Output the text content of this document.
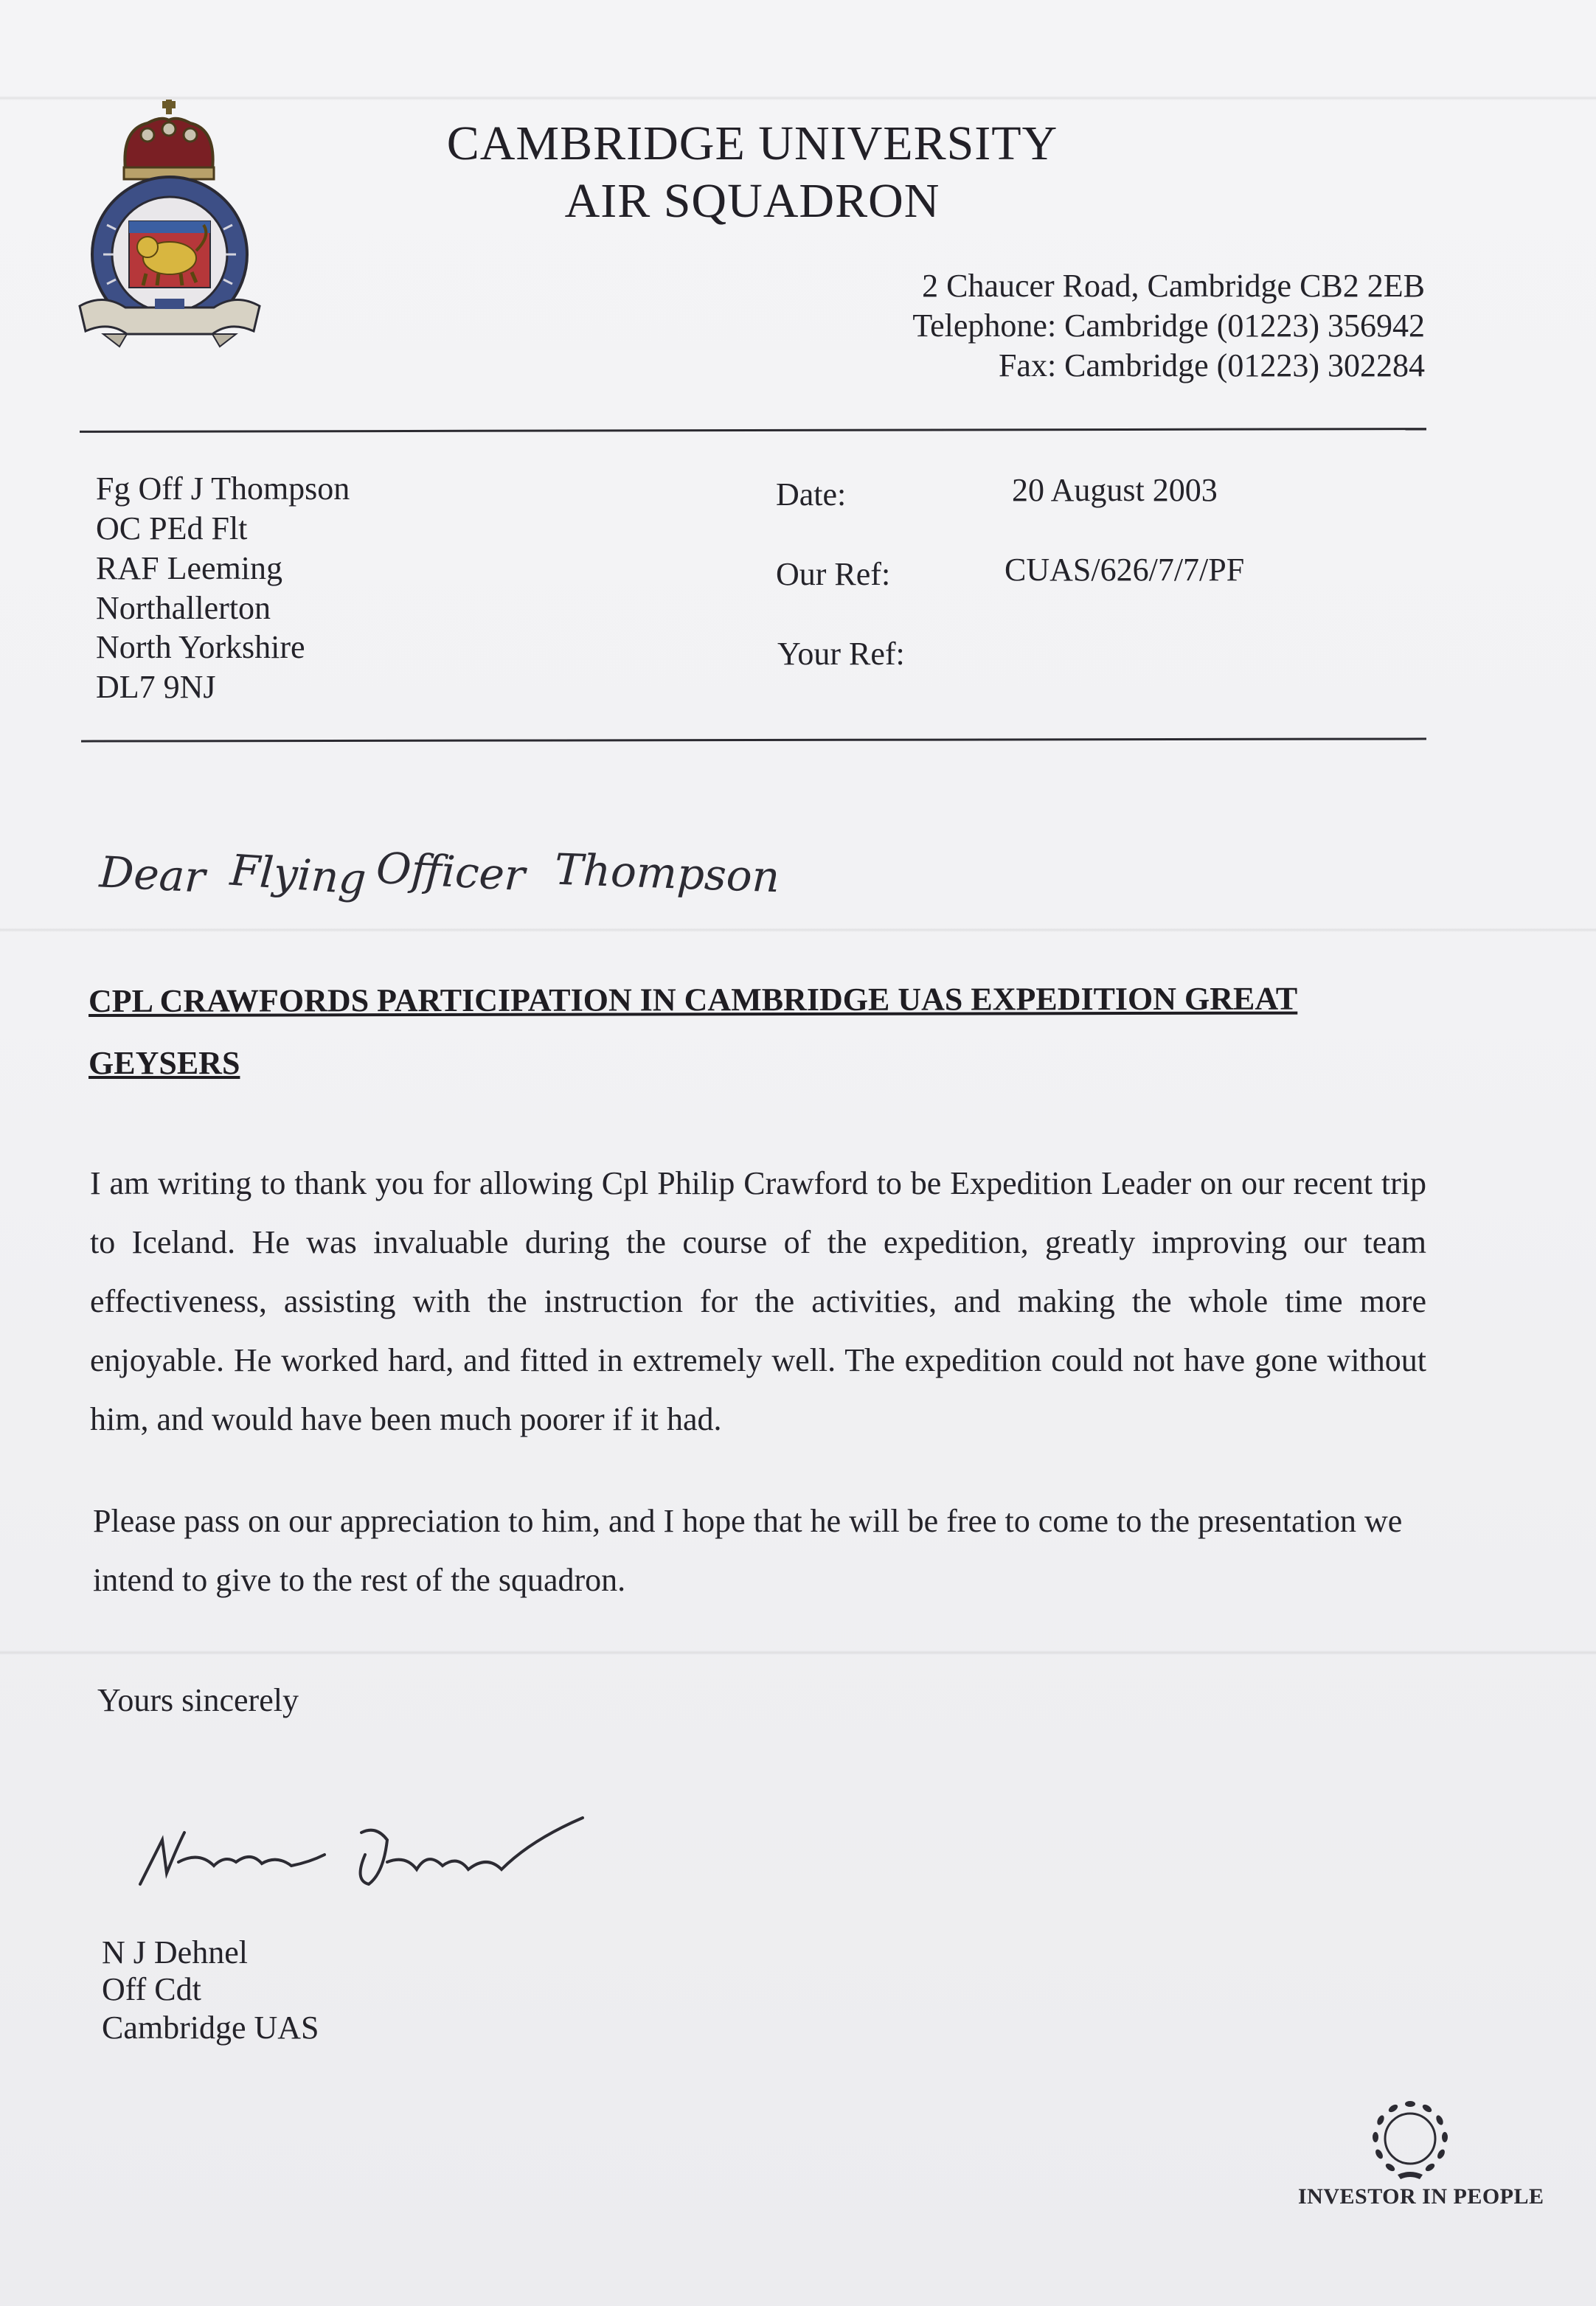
CAMBRIDGE UNIVERSITY
AIR SQUADRON
2 Chaucer Road, Cambridge CB2 2EB
Telephone: Cambridge (01223) 356942
Fax: Cambridge (01223) 302284
Fg Off J Thompson
OC PEd Flt
RAF Leeming
Northallerton
North Yorkshire
DL7 9NJ
Date:	20 August 2003
Our Ref:	CUAS/626/7/7/PF
Your Ref:
Dear Flying Officer Thompson
CPL CRAWFORDS PARTICIPATION IN CAMBRIDGE UAS EXPEDITION GREAT
GEYSERS

I am writing to thank you for allowing Cpl Philip Crawford to be Expedition Leader on our recent trip to Iceland. He was invaluable during the course of the expedition, greatly improving our team effectiveness, assisting with the instruction for the activities, and making the whole time more enjoyable. He worked hard, and fitted in extremely well. The expedition could not have gone without him, and would have been much poorer if it had.

Please pass on our appreciation to him, and I hope that he will be free to come to the presentation we intend to give to the rest of the squadron.

Yours sincerely
N J Dehnel
Off Cdt
Cambridge UAS
INVESTOR IN PEOPLE
